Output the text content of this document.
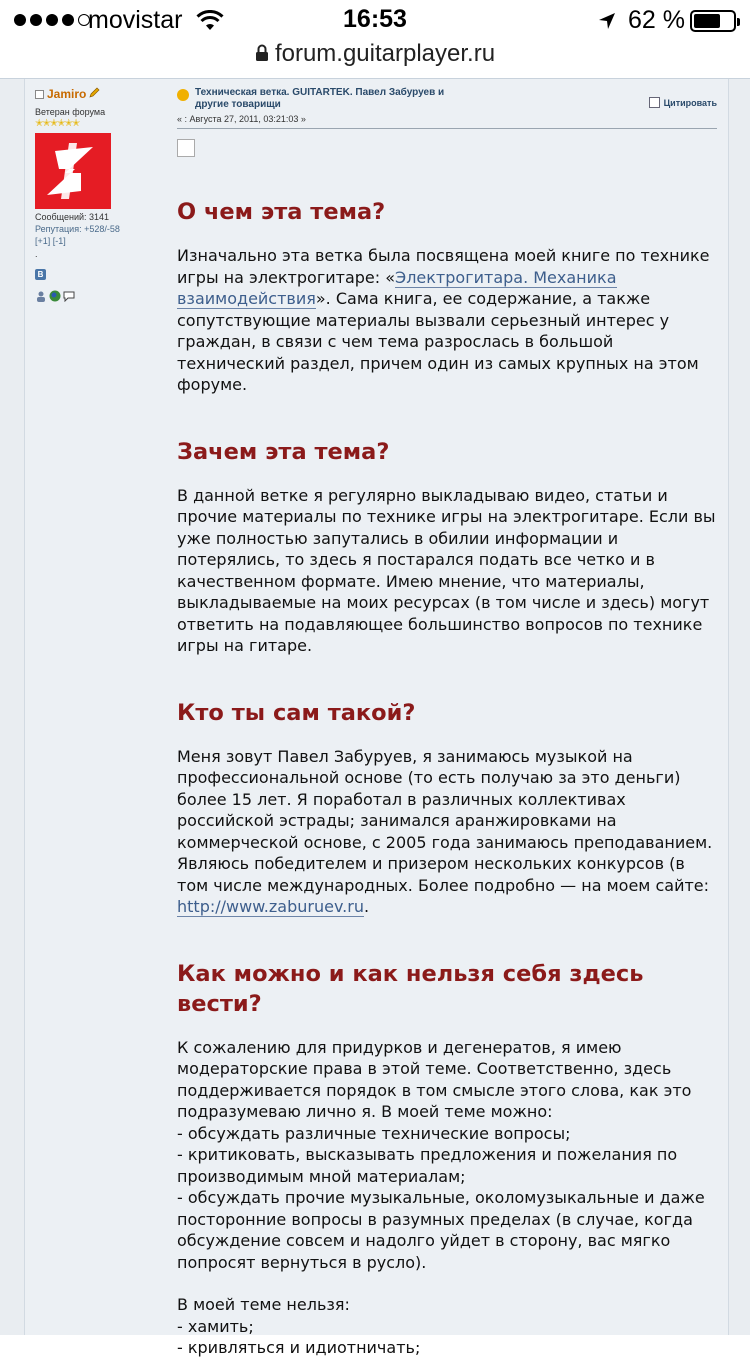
movistar	16:53	62 %
forum.guitarplayer.ru
Jamiro
Ветеран форума
✭✭✭✭✭✭
Сообщений: 3141
Репутация: +528/-58
[+1] [-1]
.
В
Техническая ветка. GUITARTEK. Павел Забуруев и другие товарищи
« : Августа 27, 2011, 03:21:03 »
Цитировать
О чем эта тема?

Изначально эта ветка была посвящена моей книге по технике игры на электрогитаре: «Электрогитара. Механика взаимодействия». Сама книга, ее содержание, а также сопутствующие материалы вызвали серьезный интерес у граждан, в связи с чем тема разрослась в большой технический раздел, причем один из самых крупных на этом форуме.

Зачем эта тема?

В данной ветке я регулярно выкладываю видео, статьи и прочие материалы по технике игры на электрогитаре. Если вы уже полностью запутались в обилии информации и потерялись, то здесь я постарался подать все четко и в качественном формате. Имею мнение, что материалы, выкладываемые на моих ресурсах (в том числе и здесь) могут ответить на подавляющее большинство вопросов по технике игры на гитаре.

Кто ты сам такой?

Меня зовут Павел Забуруев, я занимаюсь музыкой на профессиональной основе (то есть получаю за это деньги) более 15 лет. Я поработал в различных коллективах российской эстрады; занимался аранжировками на коммерческой основе, с 2005 года занимаюсь преподаванием. Являюсь победителем и призером нескольких конкурсов (в том числе международных. Более подробно — на моем сайте: http://www.zaburuev.ru.

Как можно и как нельзя себя здесь вести?

К сожалению для придурков и дегенератов, я имею модераторские права в этой теме. Соответственно, здесь поддерживается порядок в том смысле этого слова, как это подразумеваю лично я. В моей теме можно:

- обсуждать различные технические вопросы;

- критиковать, высказывать предложения и пожелания по производимым мной материалам;

- обсуждать прочие музыкальные, околомузыкальные и даже посторонние вопросы в разумных пределах (в случае, когда обсуждение совсем и надолго уйдет в сторону, вас мягко попросят вернуться в русло).

В моей теме нельзя:

- хамить;

- кривляться и идиотничать;
